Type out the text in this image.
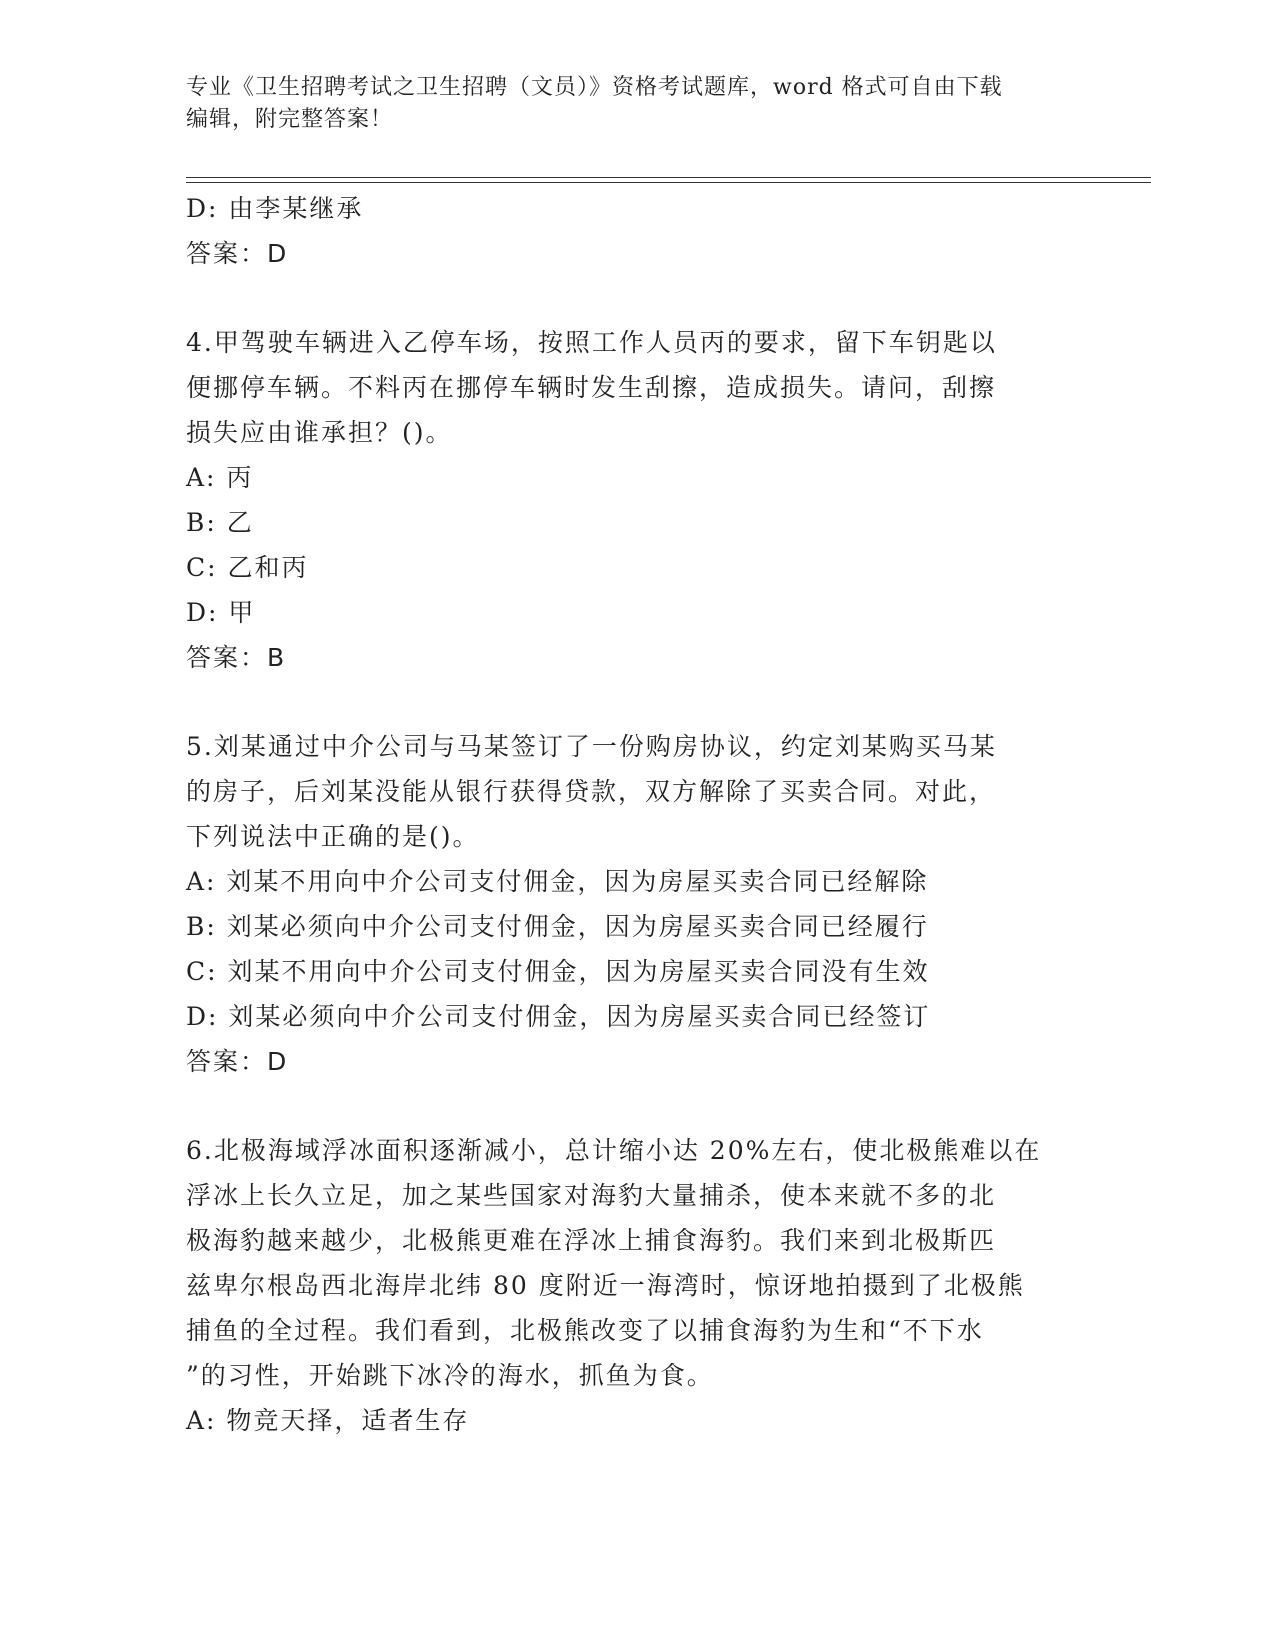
专业《卫生招聘考试之卫生招聘（文员）》资格考试题库，word 格式可自由下载
编辑，附完整答案！
D: 由李某继承
答案：D
4.甲驾驶车辆进入乙停车场，按照工作人员丙的要求，留下车钥匙以
便挪停车辆。不料丙在挪停车辆时发生刮擦，造成损失。请问，刮擦
损失应由谁承担？()。
A: 丙
B: 乙
C: 乙和丙
D: 甲
答案：B
5.刘某通过中介公司与马某签订了一份购房协议，约定刘某购买马某
的房子，后刘某没能从银行获得贷款，双方解除了买卖合同。对此，
下列说法中正确的是()。
A: 刘某不用向中介公司支付佣金，因为房屋买卖合同已经解除
B: 刘某必须向中介公司支付佣金，因为房屋买卖合同已经履行
C: 刘某不用向中介公司支付佣金，因为房屋买卖合同没有生效
D: 刘某必须向中介公司支付佣金，因为房屋买卖合同已经签订
答案：D
6.北极海域浮冰面积逐渐减小，总计缩小达 20%左右，使北极熊难以在
浮冰上长久立足，加之某些国家对海豹大量捕杀，使本来就不多的北
极海豹越来越少，北极熊更难在浮冰上捕食海豹。我们来到北极斯匹
兹卑尔根岛西北海岸北纬 80 度附近一海湾时，惊讶地拍摄到了北极熊
捕鱼的全过程。我们看到，北极熊改变了以捕食海豹为生和“不下水
”的习性，开始跳下冰冷的海水，抓鱼为食。
A: 物竞天择，适者生存
